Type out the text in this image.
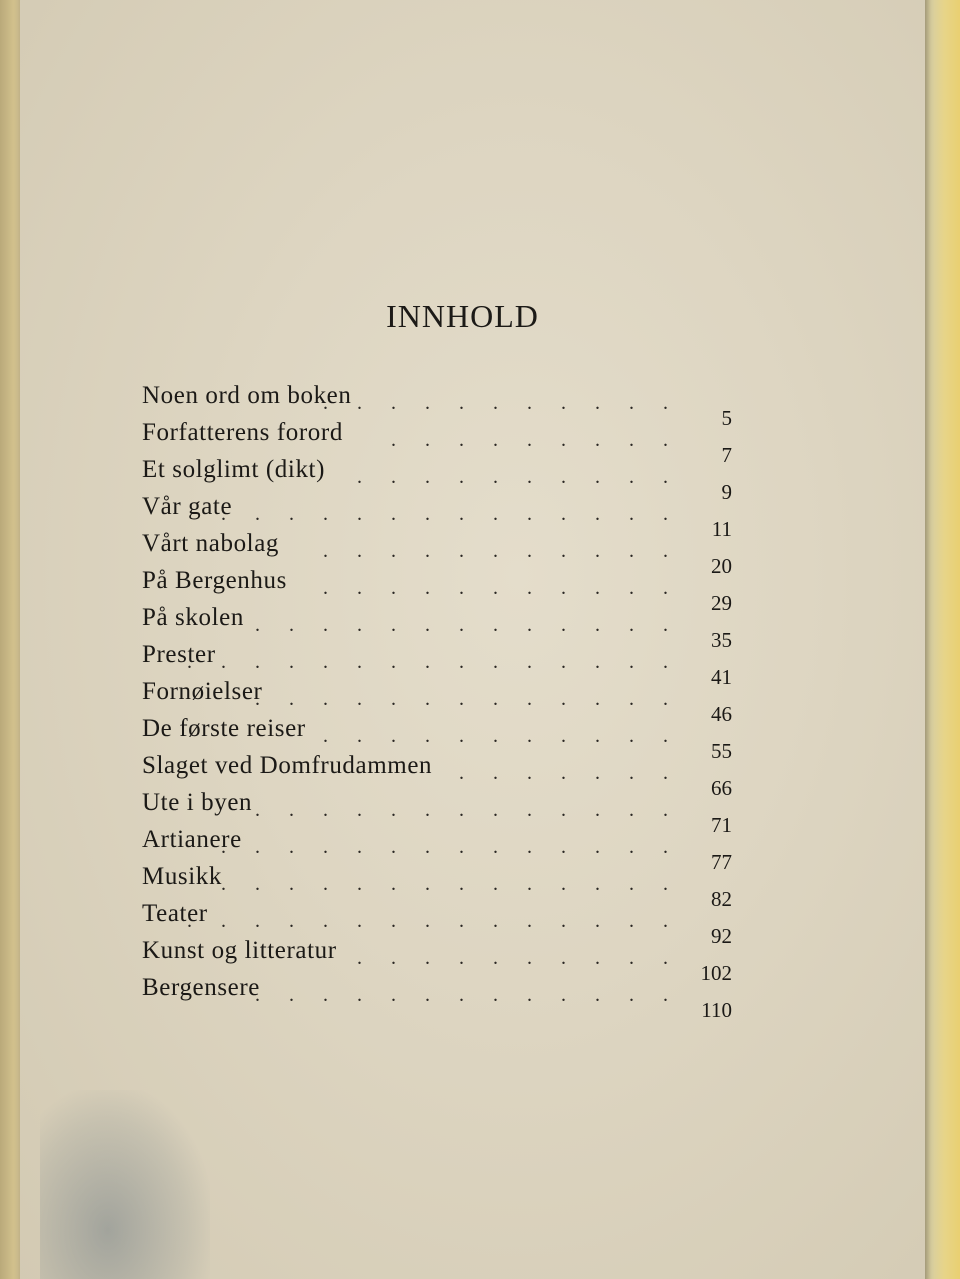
INNHOLD
Noen ord om boken
. . . . . . . . . . .
5
Forfatterens forord . . . . . . . . .
7
Et solglimt (dikt) . . . . . . . . . .
9
Vår gate
. . . . . . . . . . . . . .
11
Vårt nabolag . . . . . . . . . . .
20
På Bergenhus . . . . . . . . . . .
29
På skolen . . . . . . . . . . . . .
35
Prester
. . . . . . . . . . . . . . .
41
Fornøielser
. . . . . . . . . . . . .
46
De første reiser . . . . . . . . . . .
55
Slaget ved Domfrudammen . . . . . . .
66
Ute i byen . . . . . . . . . . . . .
71
Artianere
. . . . . . . . . . . . . .
77
Musikk
. . . . . . . . . . . . . .
82
Teater
. . . . . . . . . . . . . . .
92
Kunst og litteratur . . . . . . . . . .
102
Bergensere
. . . . . . . . . . . . .
110
